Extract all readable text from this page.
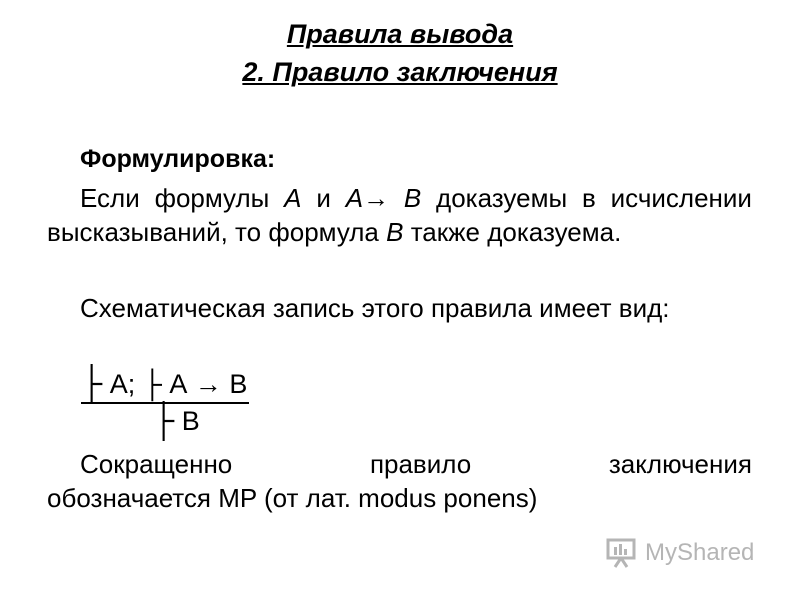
Правила вывода
2. Правило заключения

Формулировка:

Если формулы А и А→ В доказуемы в исчислении высказываний, то формула В также доказуема.

Схематическая запись этого правила имеет вид:

├ А; ├ А → В
├ В
Сокращенно	правило	заключения
обозначается MP (от лат. modus ponens)
MyShared
